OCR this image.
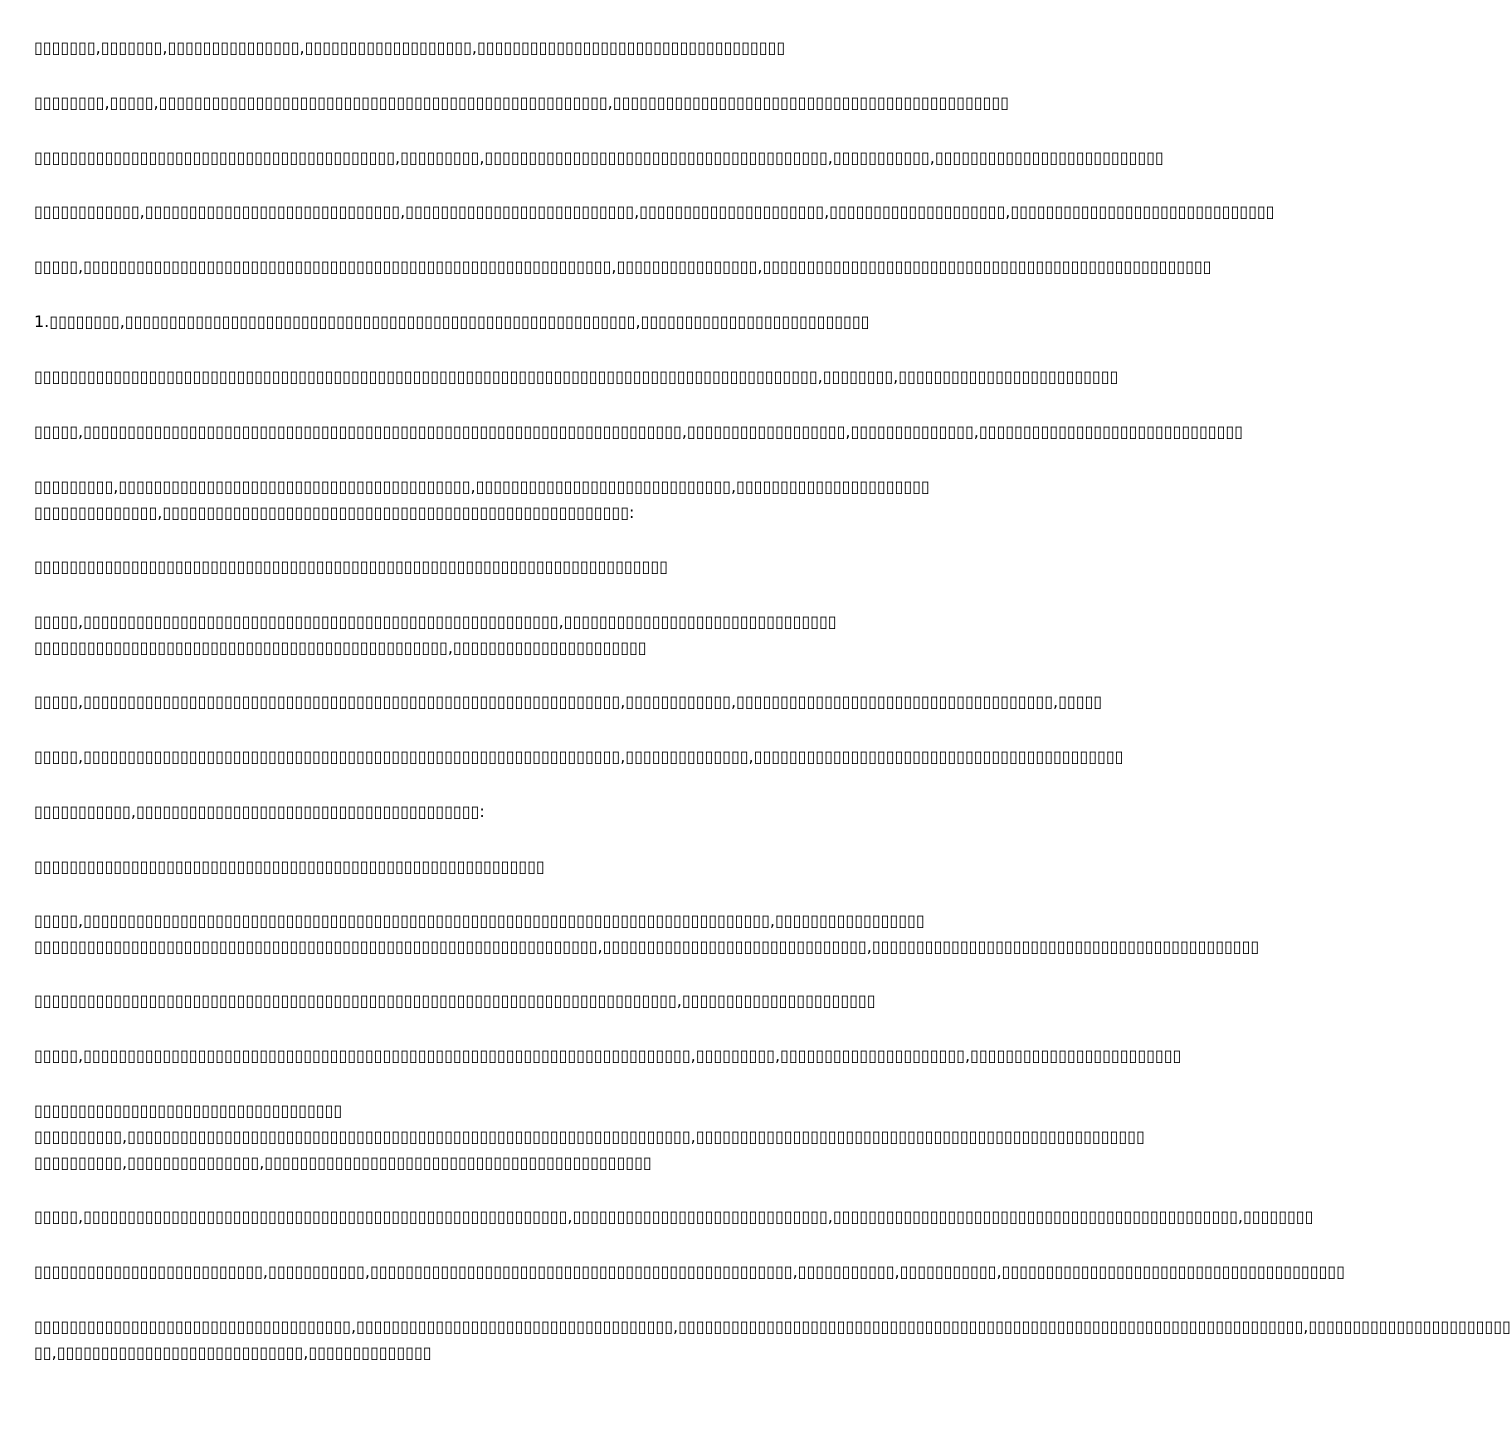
▯▯▯▯▯▯▯,▯▯▯▯▯▯▯,▯▯▯▯▯▯▯▯▯▯▯▯▯▯▯,▯▯▯▯▯▯▯▯▯▯▯▯▯▯▯▯▯▯▯,▯▯▯▯▯▯▯▯▯▯▯▯▯▯▯▯▯▯▯▯▯▯▯▯▯▯▯▯▯▯▯▯▯▯▯
▯▯▯▯▯▯▯▯,▯▯▯▯▯,▯▯▯▯▯▯▯▯▯▯▯▯▯▯▯▯▯▯▯▯▯▯▯▯▯▯▯▯▯▯▯▯▯▯▯▯▯▯▯▯▯▯▯▯▯▯▯▯▯▯▯,▯▯▯▯▯▯▯▯▯▯▯▯▯▯▯▯▯▯▯▯▯▯▯▯▯▯▯▯▯▯▯▯▯▯▯▯▯▯▯▯▯▯▯▯▯
▯▯▯▯▯▯▯▯▯▯▯▯▯▯▯▯▯▯▯▯▯▯▯▯▯▯▯▯▯▯▯▯▯▯▯▯▯▯▯▯▯,▯▯▯▯▯▯▯▯▯,▯▯▯▯▯▯▯▯▯▯▯▯▯▯▯▯▯▯▯▯▯▯▯▯▯▯▯▯▯▯▯▯▯▯▯▯▯▯▯,▯▯▯▯▯▯▯▯▯▯▯,▯▯▯▯▯▯▯▯▯▯▯▯▯▯▯▯▯▯▯▯▯▯▯▯▯▯
▯▯▯▯▯▯▯▯▯▯▯▯,▯▯▯▯▯▯▯▯▯▯▯▯▯▯▯▯▯▯▯▯▯▯▯▯▯▯▯▯▯,▯▯▯▯▯▯▯▯▯▯▯▯▯▯▯▯▯▯▯▯▯▯▯▯▯▯,▯▯▯▯▯▯▯▯▯▯▯▯▯▯▯▯▯▯▯▯▯,▯▯▯▯▯▯▯▯▯▯▯▯▯▯▯▯▯▯▯▯,▯▯▯▯▯▯▯▯▯▯▯▯▯▯▯▯▯▯▯▯▯▯▯▯▯▯▯▯▯▯
▯▯▯▯▯,▯▯▯▯▯▯▯▯▯▯▯▯▯▯▯▯▯▯▯▯▯▯▯▯▯▯▯▯▯▯▯▯▯▯▯▯▯▯▯▯▯▯▯▯▯▯▯▯▯▯▯▯▯▯▯▯▯▯▯▯,▯▯▯▯▯▯▯▯▯▯▯▯▯▯▯▯,▯▯▯▯▯▯▯▯▯▯▯▯▯▯▯▯▯▯▯▯▯▯▯▯▯▯▯▯▯▯▯▯▯▯▯▯▯▯▯▯▯▯▯▯▯▯▯▯▯▯▯
1.▯▯▯▯▯▯▯▯,▯▯▯▯▯▯▯▯▯▯▯▯▯▯▯▯▯▯▯▯▯▯▯▯▯▯▯▯▯▯▯▯▯▯▯▯▯▯▯▯▯▯▯▯▯▯▯▯▯▯▯▯▯▯▯▯▯▯,▯▯▯▯▯▯▯▯▯▯▯▯▯▯▯▯▯▯▯▯▯▯▯▯▯▯
▯▯▯▯▯▯▯▯▯▯▯▯▯▯▯▯▯▯▯▯▯▯▯▯▯▯▯▯▯▯▯▯▯▯▯▯▯▯▯▯▯▯▯▯▯▯▯▯▯▯▯▯▯▯▯▯▯▯▯▯▯▯▯▯▯▯▯▯▯▯▯▯▯▯▯▯▯▯▯▯▯▯▯▯▯▯▯▯▯,▯▯▯▯▯▯▯▯,▯▯▯▯▯▯▯▯▯▯▯▯▯▯▯▯▯▯▯▯▯▯▯▯▯
▯▯▯▯▯,▯▯▯▯▯▯▯▯▯▯▯▯▯▯▯▯▯▯▯▯▯▯▯▯▯▯▯▯▯▯▯▯▯▯▯▯▯▯▯▯▯▯▯▯▯▯▯▯▯▯▯▯▯▯▯▯▯▯▯▯▯▯▯▯▯▯▯▯,▯▯▯▯▯▯▯▯▯▯▯▯▯▯▯▯▯▯,▯▯▯▯▯▯▯▯▯▯▯▯▯▯,▯▯▯▯▯▯▯▯▯▯▯▯▯▯▯▯▯▯▯▯▯▯▯▯▯▯▯▯▯▯
▯▯▯▯▯▯▯▯▯,▯▯▯▯▯▯▯▯▯▯▯▯▯▯▯▯▯▯▯▯▯▯▯▯▯▯▯▯▯▯▯▯▯▯▯▯▯▯▯▯,▯▯▯▯▯▯▯▯▯▯▯▯▯▯▯▯▯▯▯▯▯▯▯▯▯▯▯▯▯,▯▯▯▯▯▯▯▯▯▯▯▯▯▯▯▯▯▯▯▯▯▯
▯▯▯▯▯▯▯▯▯▯▯▯▯▯,▯▯▯▯▯▯▯▯▯▯▯▯▯▯▯▯▯▯▯▯▯▯▯▯▯▯▯▯▯▯▯▯▯▯▯▯▯▯▯▯▯▯▯▯▯▯▯▯▯▯▯▯▯:
▯▯▯▯▯▯▯▯▯▯▯▯▯▯▯▯▯▯▯▯▯▯▯▯▯▯▯▯▯▯▯▯▯▯▯▯▯▯▯▯▯▯▯▯▯▯▯▯▯▯▯▯▯▯▯▯▯▯▯▯▯▯▯▯▯▯▯▯▯▯▯▯
▯▯▯▯▯,▯▯▯▯▯▯▯▯▯▯▯▯▯▯▯▯▯▯▯▯▯▯▯▯▯▯▯▯▯▯▯▯▯▯▯▯▯▯▯▯▯▯▯▯▯▯▯▯▯▯▯▯▯▯,▯▯▯▯▯▯▯▯▯▯▯▯▯▯▯▯▯▯▯▯▯▯▯▯▯▯▯▯▯▯▯
▯▯▯▯▯▯▯▯▯▯▯▯▯▯▯▯▯▯▯▯▯▯▯▯▯▯▯▯▯▯▯▯▯▯▯▯▯▯▯▯▯▯▯▯▯▯▯,▯▯▯▯▯▯▯▯▯▯▯▯▯▯▯▯▯▯▯▯▯▯
▯▯▯▯▯,▯▯▯▯▯▯▯▯▯▯▯▯▯▯▯▯▯▯▯▯▯▯▯▯▯▯▯▯▯▯▯▯▯▯▯▯▯▯▯▯▯▯▯▯▯▯▯▯▯▯▯▯▯▯▯▯▯▯▯▯▯,▯▯▯▯▯▯▯▯▯▯▯▯,▯▯▯▯▯▯▯▯▯▯▯▯▯▯▯▯▯▯▯▯▯▯▯▯▯▯▯▯▯▯▯▯▯▯▯▯,▯▯▯▯▯
▯▯▯▯▯,▯▯▯▯▯▯▯▯▯▯▯▯▯▯▯▯▯▯▯▯▯▯▯▯▯▯▯▯▯▯▯▯▯▯▯▯▯▯▯▯▯▯▯▯▯▯▯▯▯▯▯▯▯▯▯▯▯▯▯▯▯,▯▯▯▯▯▯▯▯▯▯▯▯▯▯,▯▯▯▯▯▯▯▯▯▯▯▯▯▯▯▯▯▯▯▯▯▯▯▯▯▯▯▯▯▯▯▯▯▯▯▯▯▯▯▯▯▯
▯▯▯▯▯▯▯▯▯▯▯,▯▯▯▯▯▯▯▯▯▯▯▯▯▯▯▯▯▯▯▯▯▯▯▯▯▯▯▯▯▯▯▯▯▯▯▯▯▯▯:
▯▯▯▯▯▯▯▯▯▯▯▯▯▯▯▯▯▯▯▯▯▯▯▯▯▯▯▯▯▯▯▯▯▯▯▯▯▯▯▯▯▯▯▯▯▯▯▯▯▯▯▯▯▯▯▯▯▯
▯▯▯▯▯,▯▯▯▯▯▯▯▯▯▯▯▯▯▯▯▯▯▯▯▯▯▯▯▯▯▯▯▯▯▯▯▯▯▯▯▯▯▯▯▯▯▯▯▯▯▯▯▯▯▯▯▯▯▯▯▯▯▯▯▯▯▯▯▯▯▯▯▯▯▯▯▯▯▯▯▯▯▯,▯▯▯▯▯▯▯▯▯▯▯▯▯▯▯▯▯
▯▯▯▯▯▯▯▯▯▯▯▯▯▯▯▯▯▯▯▯▯▯▯▯▯▯▯▯▯▯▯▯▯▯▯▯▯▯▯▯▯▯▯▯▯▯▯▯▯▯▯▯▯▯▯▯▯▯▯▯▯▯▯▯,▯▯▯▯▯▯▯▯▯▯▯▯▯▯▯▯▯▯▯▯▯▯▯▯▯▯▯▯▯▯,▯▯▯▯▯▯▯▯▯▯▯▯▯▯▯▯▯▯▯▯▯▯▯▯▯▯▯▯▯▯▯▯▯▯▯▯▯▯▯▯▯▯▯▯
▯▯▯▯▯▯▯▯▯▯▯▯▯▯▯▯▯▯▯▯▯▯▯▯▯▯▯▯▯▯▯▯▯▯▯▯▯▯▯▯▯▯▯▯▯▯▯▯▯▯▯▯▯▯▯▯▯▯▯▯▯▯▯▯▯▯▯▯▯▯▯▯▯,▯▯▯▯▯▯▯▯▯▯▯▯▯▯▯▯▯▯▯▯▯▯
▯▯▯▯▯,▯▯▯▯▯▯▯▯▯▯▯▯▯▯▯▯▯▯▯▯▯▯▯▯▯▯▯▯▯▯▯▯▯▯▯▯▯▯▯▯▯▯▯▯▯▯▯▯▯▯▯▯▯▯▯▯▯▯▯▯▯▯▯▯▯▯▯▯▯,▯▯▯▯▯▯▯▯▯,▯▯▯▯▯▯▯▯▯▯▯▯▯▯▯▯▯▯▯▯▯,▯▯▯▯▯▯▯▯▯▯▯▯▯▯▯▯▯▯▯▯▯▯▯▯
▯▯▯▯▯▯▯▯▯▯▯▯▯▯▯▯▯▯▯▯▯▯▯▯▯▯▯▯▯▯▯▯▯▯▯
▯▯▯▯▯▯▯▯▯▯,▯▯▯▯▯▯▯▯▯▯▯▯▯▯▯▯▯▯▯▯▯▯▯▯▯▯▯▯▯▯▯▯▯▯▯▯▯▯▯▯▯▯▯▯▯▯▯▯▯▯▯▯▯▯▯▯▯▯▯▯▯▯▯▯,▯▯▯▯▯▯▯▯▯▯▯▯▯▯▯▯▯▯▯▯▯▯▯▯▯▯▯▯▯▯▯▯▯▯▯▯▯▯▯▯▯▯▯▯▯▯▯▯▯▯▯
▯▯▯▯▯▯▯▯▯▯,▯▯▯▯▯▯▯▯▯▯▯▯▯▯▯,▯▯▯▯▯▯▯▯▯▯▯▯▯▯▯▯▯▯▯▯▯▯▯▯▯▯▯▯▯▯▯▯▯▯▯▯▯▯▯▯▯▯▯▯
▯▯▯▯▯,▯▯▯▯▯▯▯▯▯▯▯▯▯▯▯▯▯▯▯▯▯▯▯▯▯▯▯▯▯▯▯▯▯▯▯▯▯▯▯▯▯▯▯▯▯▯▯▯▯▯▯▯▯▯▯,▯▯▯▯▯▯▯▯▯▯▯▯▯▯▯▯▯▯▯▯▯▯▯▯▯▯▯▯▯,▯▯▯▯▯▯▯▯▯▯▯▯▯▯▯▯▯▯▯▯▯▯▯▯▯▯▯▯▯▯▯▯▯▯▯▯▯▯▯▯▯▯▯▯▯▯,▯▯▯▯▯▯▯▯
▯▯▯▯▯▯▯▯▯▯▯▯▯▯▯▯▯▯▯▯▯▯▯▯▯▯,▯▯▯▯▯▯▯▯▯▯▯,▯▯▯▯▯▯▯▯▯▯▯▯▯▯▯▯▯▯▯▯▯▯▯▯▯▯▯▯▯▯▯▯▯▯▯▯▯▯▯▯▯▯▯▯▯▯▯▯,▯▯▯▯▯▯▯▯▯▯▯,▯▯▯▯▯▯▯▯▯▯▯,▯▯▯▯▯▯▯▯▯▯▯▯▯▯▯▯▯▯▯▯▯▯▯▯▯▯▯▯▯▯▯▯▯▯▯▯▯▯▯
▯▯▯▯▯▯▯▯▯▯▯▯▯▯▯▯▯▯▯▯▯▯▯▯▯▯▯▯▯▯▯▯▯▯▯▯,▯▯▯▯▯▯▯▯▯▯▯▯▯▯▯▯▯▯▯▯▯▯▯▯▯▯▯▯▯▯▯▯▯▯▯▯,▯▯▯▯▯▯▯▯▯▯▯▯▯▯▯▯▯▯▯▯▯▯▯▯▯▯▯▯▯▯▯▯▯▯▯▯▯▯▯▯▯▯▯▯▯▯▯▯▯▯▯▯▯▯▯▯▯▯▯▯▯▯▯▯▯▯▯▯▯▯▯,▯▯▯▯▯▯▯▯▯▯▯▯▯▯▯▯▯▯▯▯▯▯▯
▯▯,▯▯▯▯▯▯▯▯▯▯▯▯▯▯▯▯▯▯▯▯▯▯▯▯▯▯▯▯,▯▯▯▯▯▯▯▯▯▯▯▯▯▯
